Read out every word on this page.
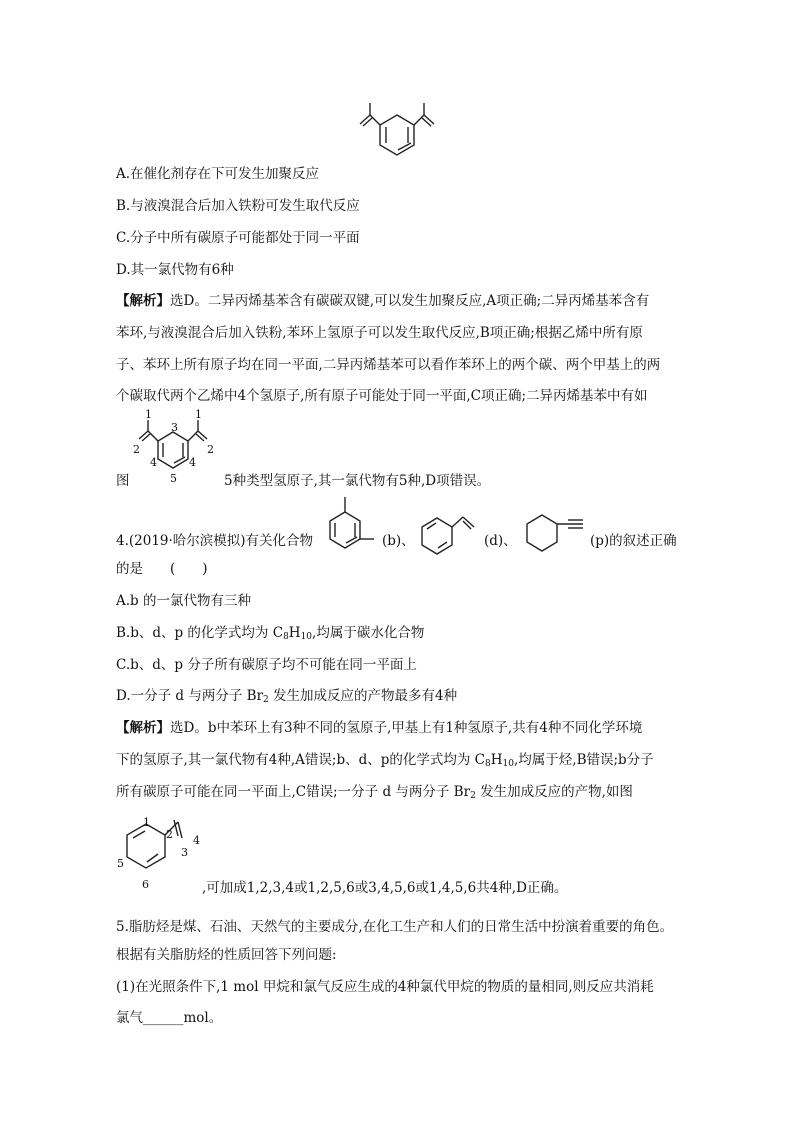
A.在催化剂存在下可发生加聚反应
B.与液溴混合后加入铁粉可发生取代反应
C.分子中所有碳原子可能都处于同一平面
D.其一氯代物有6种
【解析】选D。二异丙烯基苯含有碳碳双键,可以发生加聚反应,A项正确;二异丙烯基苯含有
苯环,与液溴混合后加入铁粉,苯环上氢原子可以发生取代反应,B项正确;根据乙烯中所有原
子、苯环上所有原子均在同一平面,二异丙烯基苯可以看作苯环上的两个碳、两个甲基上的两
个碳取代两个乙烯中4个氢原子,所有原子可能处于同一平面,C项正确;二异丙烯基苯中有如
1	1
2	2
3
4	4
5
图	5种类型氢原子,其一氯代物有5种,D项错误。
4.(2019·哈尔滨模拟)有关化合物	(b)、	(d)、	(p)的叙述正确
的是　　(　　)
A.b 的一氯代物有三种
B.b、d、p 的化学式均为 $C_8H_{10}$,均属于碳水化合物
C.b、d、p 分子所有碳原子均不可能在同一平面上
D.一分子 d 与两分子 $Br_2$ 发生加成反应的产物最多有4种
【解析】选D。b中苯环上有3种不同的氢原子,甲基上有1种氢原子,共有4种不同化学环境
下的氢原子,其一氯代物有4种,A错误;b、d、p的化学式均为 $C_8H_{10}$,均属于烃,B错误;b分子
所有碳原子可能在同一平面上,C错误;一分子 d 与两分子 $Br_2$ 发生加成反应的产物,如图
1
2
3
4
5
6	,可加成1,2,3,4或1,2,5,6或3,4,5,6或1,4,5,6共4种,D正确。
5.脂肪烃是煤、石油、天然气的主要成分,在化工生产和人们的日常生活中扮演着重要的角色。
根据有关脂肪烃的性质回答下列问题:
(1)在光照条件下,1 mol 甲烷和氯气反应生成的4种氯代甲烷的物质的量相同,则反应共消耗
氯气______mol。
